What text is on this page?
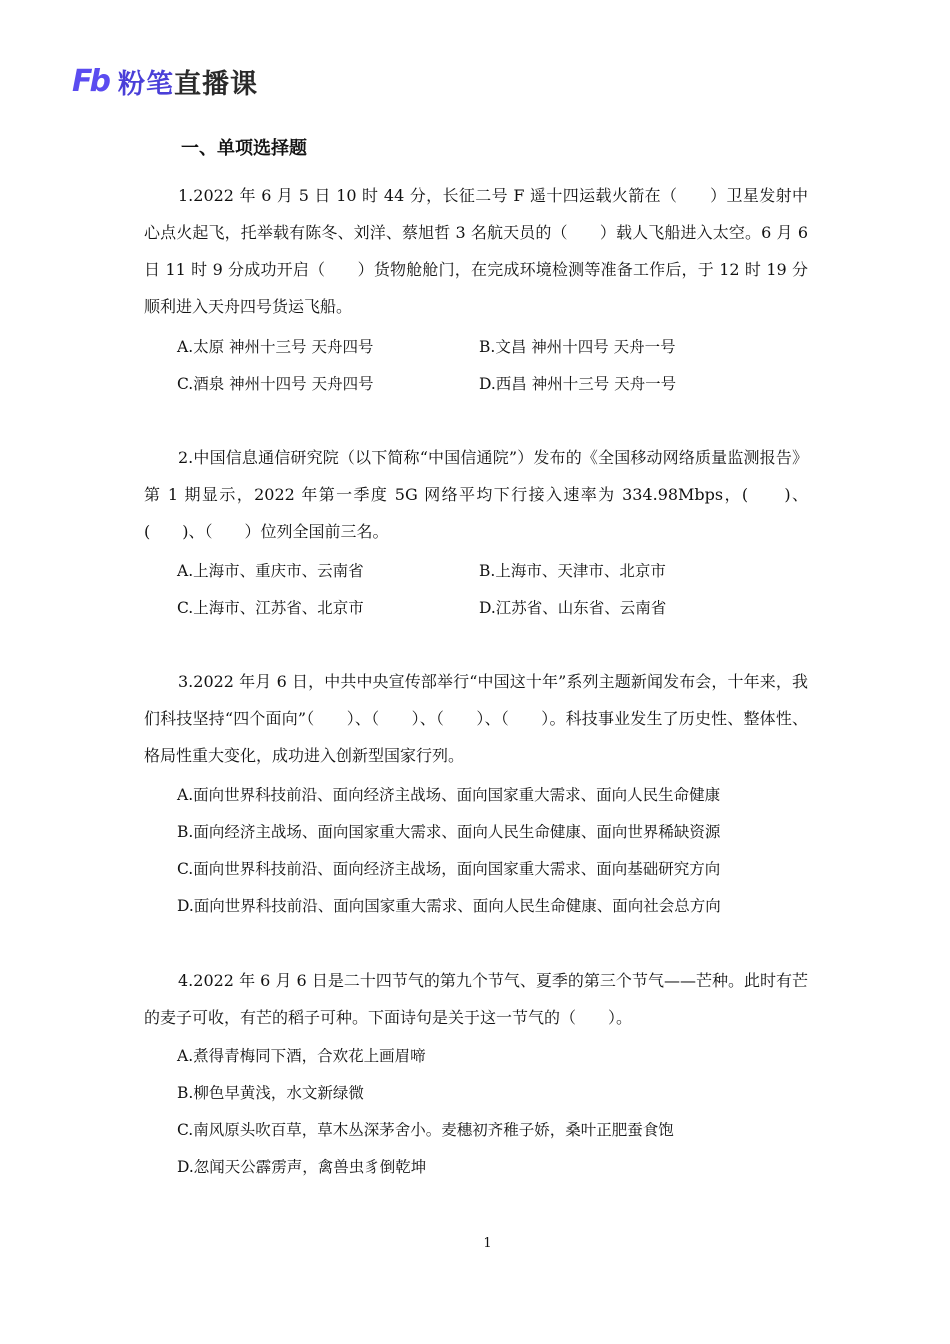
Fb 粉笔直播课
一、单项选择题

1.2022 年 6 月 5 日 10 时 44 分，长征二号 F 遥十四运载火箭在（　　）卫星发射中心点火起飞，托举载有陈冬、刘洋、蔡旭哲 3 名航天员的（　　）载人飞船进入太空。6 月 6 日 11 时 9 分成功开启（　　）货物舱舱门，在完成环境检测等准备工作后，于 12 时 19 分顺利进入天舟四号货运飞船。

A.太原 神州十三号 天舟四号	B.文昌 神州十四号 天舟一号
C.酒泉 神州十四号 天舟四号	D.西昌 神州十三号 天舟一号

2.中国信息通信研究院（以下简称“中国信通院”）发布的《全国移动网络质量监测报告》第 1 期显示，2022 年第一季度 5G 网络平均下行接入速率为 334.98Mbps，(　　)、(　　)、（　　）位列全国前三名。

A.上海市、重庆市、云南省	B.上海市、天津市、北京市
C.上海市、江苏省、北京市	D.江苏省、山东省、云南省

3.2022 年月 6 日，中共中央宣传部举行“中国这十年”系列主题新闻发布会，十年来，我们科技坚持“四个面向”（　　）、（　　）、（　　）、（　　）。科技事业发生了历史性、整体性、格局性重大变化，成功进入创新型国家行列。

A.面向世界科技前沿、面向经济主战场、面向国家重大需求、面向人民生命健康
B.面向经济主战场、面向国家重大需求、面向人民生命健康、面向世界稀缺资源
C.面向世界科技前沿、面向经济主战场，面向国家重大需求、面向基础研究方向
D.面向世界科技前沿、面向国家重大需求、面向人民生命健康、面向社会总方向

4.2022 年 6 月 6 日是二十四节气的第九个节气、夏季的第三个节气——芒种。此时有芒的麦子可收，有芒的稻子可种。下面诗句是关于这一节气的（　　）。

A.煮得青梅同下酒，合欢花上画眉啼
B.柳色早黄浅，水文新绿微
C.南风原头吹百草，草木丛深茅舍小。麦穗初齐稚子娇，桑叶正肥蚕食饱
D.忽闻天公霹雳声，禽兽虫豸倒乾坤
1
